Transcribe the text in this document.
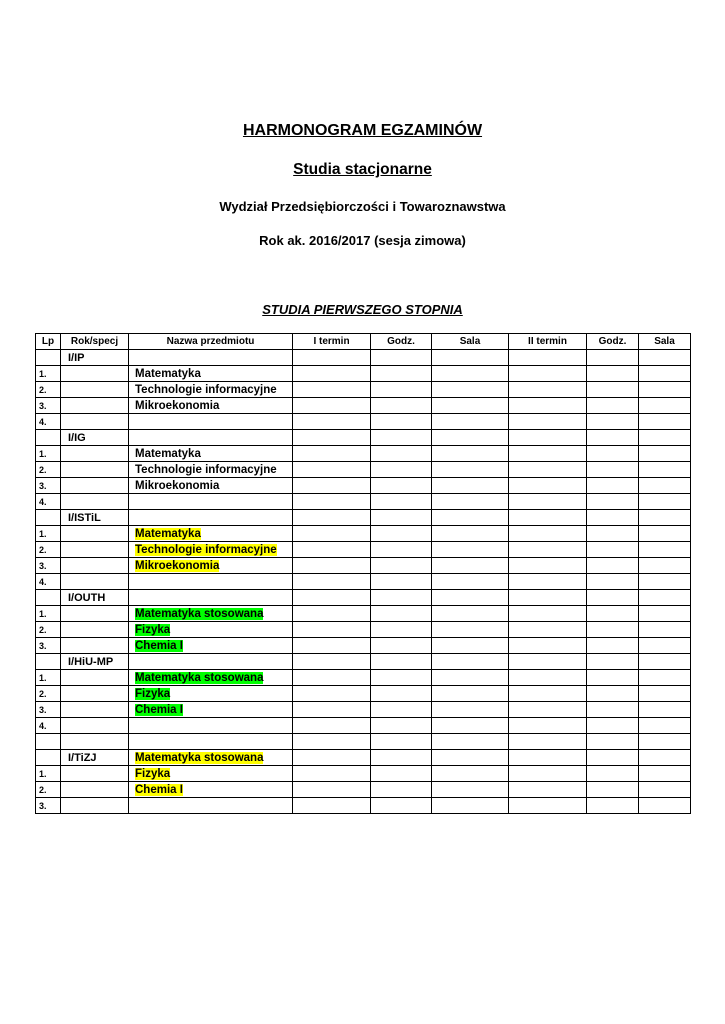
HARMONOGRAM EGZAMINÓW
Studia stacjonarne
Wydział Przedsiębiorczości i Towaroznawstwa
Rok ak. 2016/2017 (sesja zimowa)
STUDIA PIERWSZEGO STOPNIA
Lp	Rok/specj	Nazwa przedmiotu	I termin	Godz.	Sala	II termin	Godz.	Sala
	I/IP							
1.		Matematyka						
2.		Technologie informacyjne						
3.		Mikroekonomia						
4.								
	I/IG							
1.		Matematyka						
2.		Technologie informacyjne						
3.		Mikroekonomia						
4.								
	I/ISTiL							
1.		Matematyka						
2.		Technologie informacyjne						
3.		Mikroekonomia						
4.								
	I/OUTH							
1.		Matematyka stosowana						
2.		Fizyka						
3.		Chemia I						
	I/HiU-MP							
1.		Matematyka stosowana						
2.		Fizyka						
3.		Chemia I						
4.								

	I/TiZJ	Matematyka stosowana						
1.		Fizyka						
2.		Chemia I						
3.								
